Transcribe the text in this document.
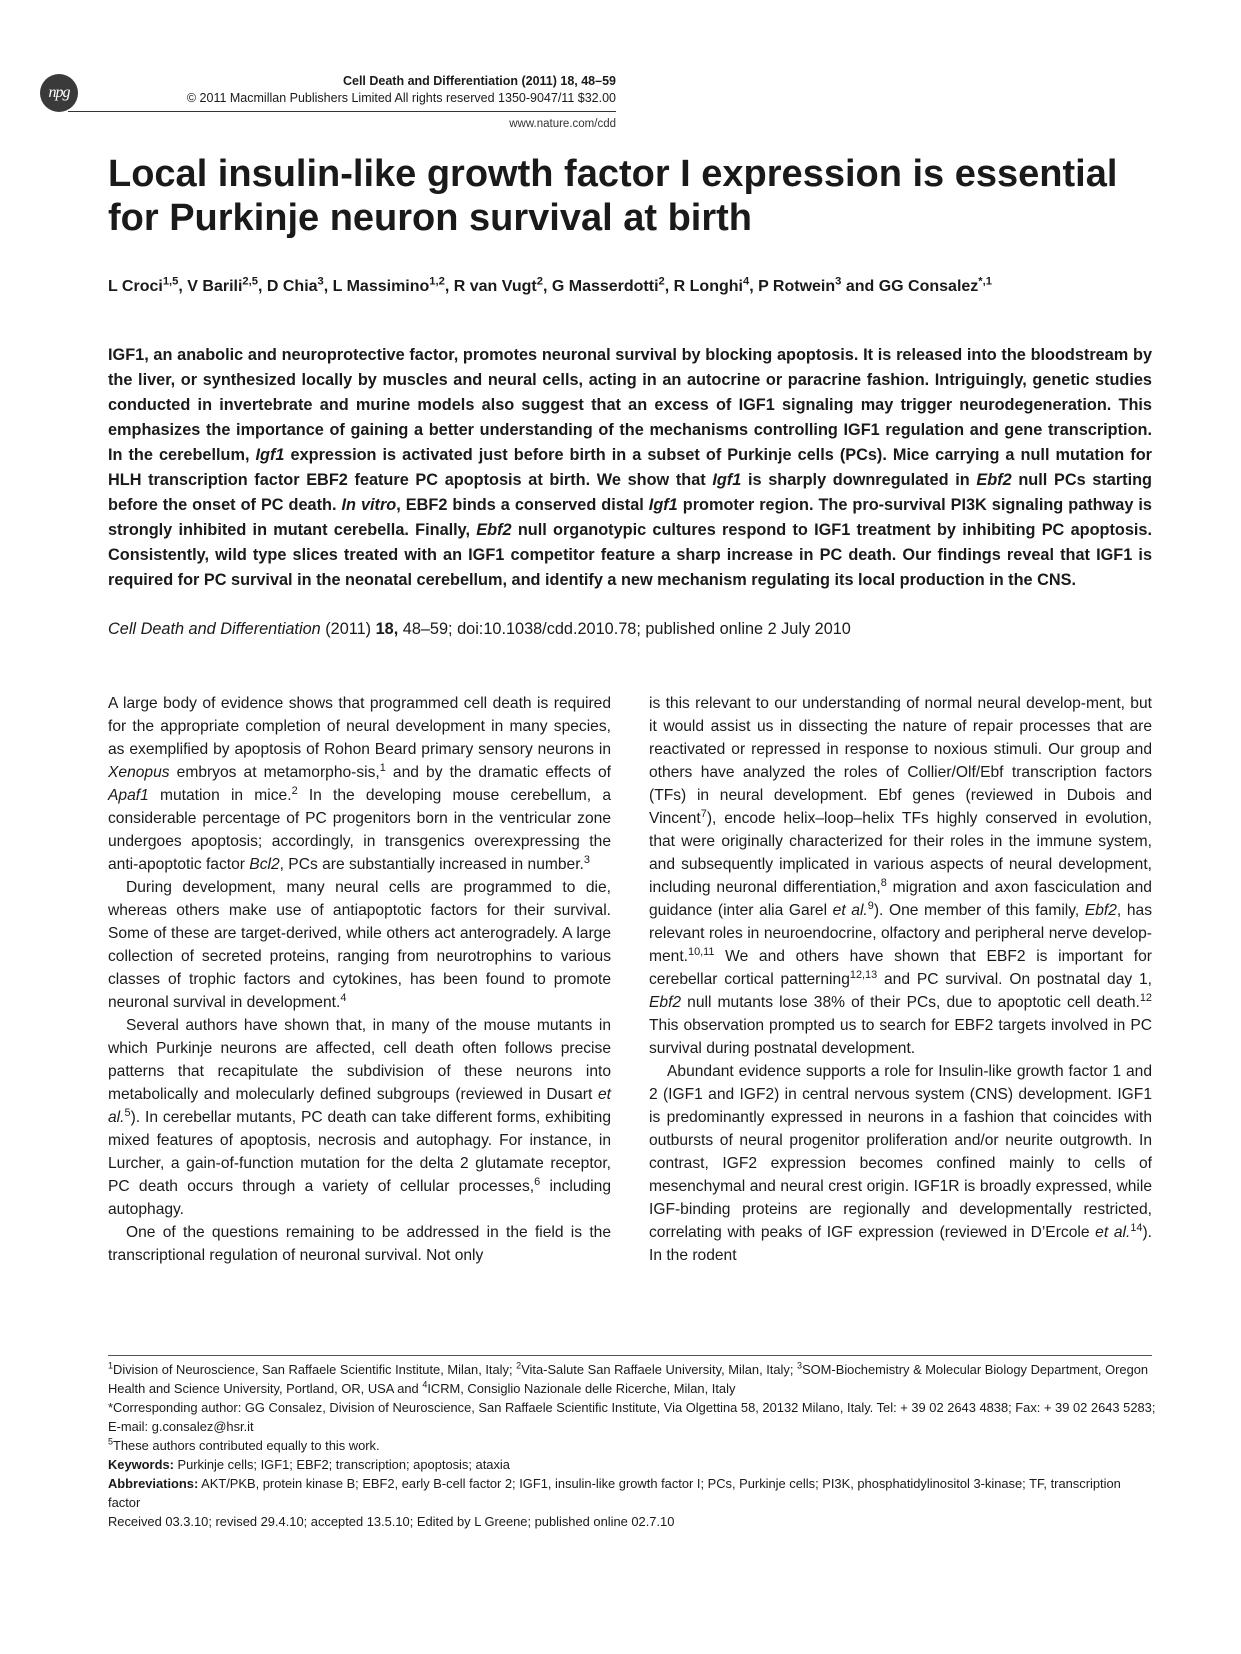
npg
Cell Death and Differentiation (2011) 18, 48–59
© 2011 Macmillan Publishers Limited All rights reserved 1350-9047/11 $32.00
www.nature.com/cdd
Local insulin-like growth factor I expression is essential for Purkinje neuron survival at birth

L Croci$^{1,5}$, V Barili$^{2,5}$, D Chia$^3$, L Massimino$^{1,2}$, R van Vugt$^2$, G Masserdotti$^2$, R Longhi$^4$, P Rotwein$^3$ and GG Consalez$^{*,1}$

IGF1, an anabolic and neuroprotective factor, promotes neuronal survival by blocking apoptosis. It is released into the bloodstream by the liver, or synthesized locally by muscles and neural cells, acting in an autocrine or paracrine fashion. Intriguingly, genetic studies conducted in invertebrate and murine models also suggest that an excess of IGF1 signaling may trigger neurodegeneration. This emphasizes the importance of gaining a better understanding of the mechanisms controlling IGF1 regulation and gene transcription. In the cerebellum, Igf1 expression is activated just before birth in a subset of Purkinje cells (PCs). Mice carrying a null mutation for HLH transcription factor EBF2 feature PC apoptosis at birth. We show that Igf1 is sharply downregulated in Ebf2 null PCs starting before the onset of PC death. In vitro, EBF2 binds a conserved distal Igf1 promoter region. The pro-survival PI3K signaling pathway is strongly inhibited in mutant cerebella. Finally, Ebf2 null organotypic cultures respond to IGF1 treatment by inhibiting PC apoptosis. Consistently, wild type slices treated with an IGF1 competitor feature a sharp increase in PC death. Our findings reveal that IGF1 is required for PC survival in the neonatal cerebellum, and identify a new mechanism regulating its local production in the CNS.

Cell Death and Differentiation (2011) 18, 48–59; doi:10.1038/cdd.2010.78; published online 2 July 2010

A large body of evidence shows that programmed cell death is required for the appropriate completion of neural development in many species, as exemplified by apoptosis of Rohon Beard primary sensory neurons in Xenopus embryos at metamorpho-sis,$^1$ and by the dramatic effects of Apaf1 mutation in mice.$^2$ In the developing mouse cerebellum, a considerable percentage of PC progenitors born in the ventricular zone undergoes apoptosis; accordingly, in transgenics overexpressing the anti-apoptotic factor Bcl2, PCs are substantially increased in number.$^3$

During development, many neural cells are programmed to die, whereas others make use of antiapoptotic factors for their survival. Some of these are target-derived, while others act anterogradely. A large collection of secreted proteins, ranging from neurotrophins to various classes of trophic factors and cytokines, has been found to promote neuronal survival in development.$^4$

Several authors have shown that, in many of the mouse mutants in which Purkinje neurons are affected, cell death often follows precise patterns that recapitulate the subdivision of these neurons into metabolically and molecularly defined subgroups (reviewed in Dusart et al.$^5$). In cerebellar mutants, PC death can take different forms, exhibiting mixed features of apoptosis, necrosis and autophagy. For instance, in Lurcher, a gain-of-function mutation for the delta 2 glutamate receptor, PC death occurs through a variety of cellular processes,$^6$ including autophagy.

One of the questions remaining to be addressed in the field is the transcriptional regulation of neuronal survival. Not only

is this relevant to our understanding of normal neural develop-ment, but it would assist us in dissecting the nature of repair processes that are reactivated or repressed in response to noxious stimuli. Our group and others have analyzed the roles of Collier/Olf/Ebf transcription factors (TFs) in neural development. Ebf genes (reviewed in Dubois and Vincent$^7$), encode helix–loop–helix TFs highly conserved in evolution, that were originally characterized for their roles in the immune system, and subsequently implicated in various aspects of neural development, including neuronal differentiation,$^8$ migration and axon fasciculation and guidance (inter alia Garel et al.$^9$). One member of this family, Ebf2, has relevant roles in neuroendocrine, olfactory and peripheral nerve develop-ment.$^{10,11}$ We and others have shown that EBF2 is important for cerebellar cortical patterning$^{12,13}$ and PC survival. On postnatal day 1, Ebf2 null mutants lose 38% of their PCs, due to apoptotic cell death.$^{12}$ This observation prompted us to search for EBF2 targets involved in PC survival during postnatal development.

Abundant evidence supports a role for Insulin-like growth factor 1 and 2 (IGF1 and IGF2) in central nervous system (CNS) development. IGF1 is predominantly expressed in neurons in a fashion that coincides with outbursts of neural progenitor proliferation and/or neurite outgrowth. In contrast, IGF2 expression becomes confined mainly to cells of mesenchymal and neural crest origin. IGF1R is broadly expressed, while IGF-binding proteins are regionally and developmentally restricted, correlating with peaks of IGF expression (reviewed in D’Ercole et al.$^{14}$). In the rodent

$^1$Division of Neuroscience, San Raffaele Scientific Institute, Milan, Italy; $^2$Vita-Salute San Raffaele University, Milan, Italy; $^3$SOM-Biochemistry & Molecular Biology Department, Oregon Health and Science University, Portland, OR, USA and $^4$ICRM, Consiglio Nazionale delle Ricerche, Milan, Italy

*Corresponding author: GG Consalez, Division of Neuroscience, San Raffaele Scientific Institute, Via Olgettina 58, 20132 Milano, Italy. Tel: + 39 02 2643 4838; Fax: + 39 02 2643 5283; E-mail: g.consalez@hsr.it

$^5$These authors contributed equally to this work.

Keywords: Purkinje cells; IGF1; EBF2; transcription; apoptosis; ataxia

Abbreviations: AKT/PKB, protein kinase B; EBF2, early B-cell factor 2; IGF1, insulin-like growth factor I; PCs, Purkinje cells; PI3K, phosphatidylinositol 3-kinase; TF, transcription factor

Received 03.3.10; revised 29.4.10; accepted 13.5.10; Edited by L Greene; published online 02.7.10
